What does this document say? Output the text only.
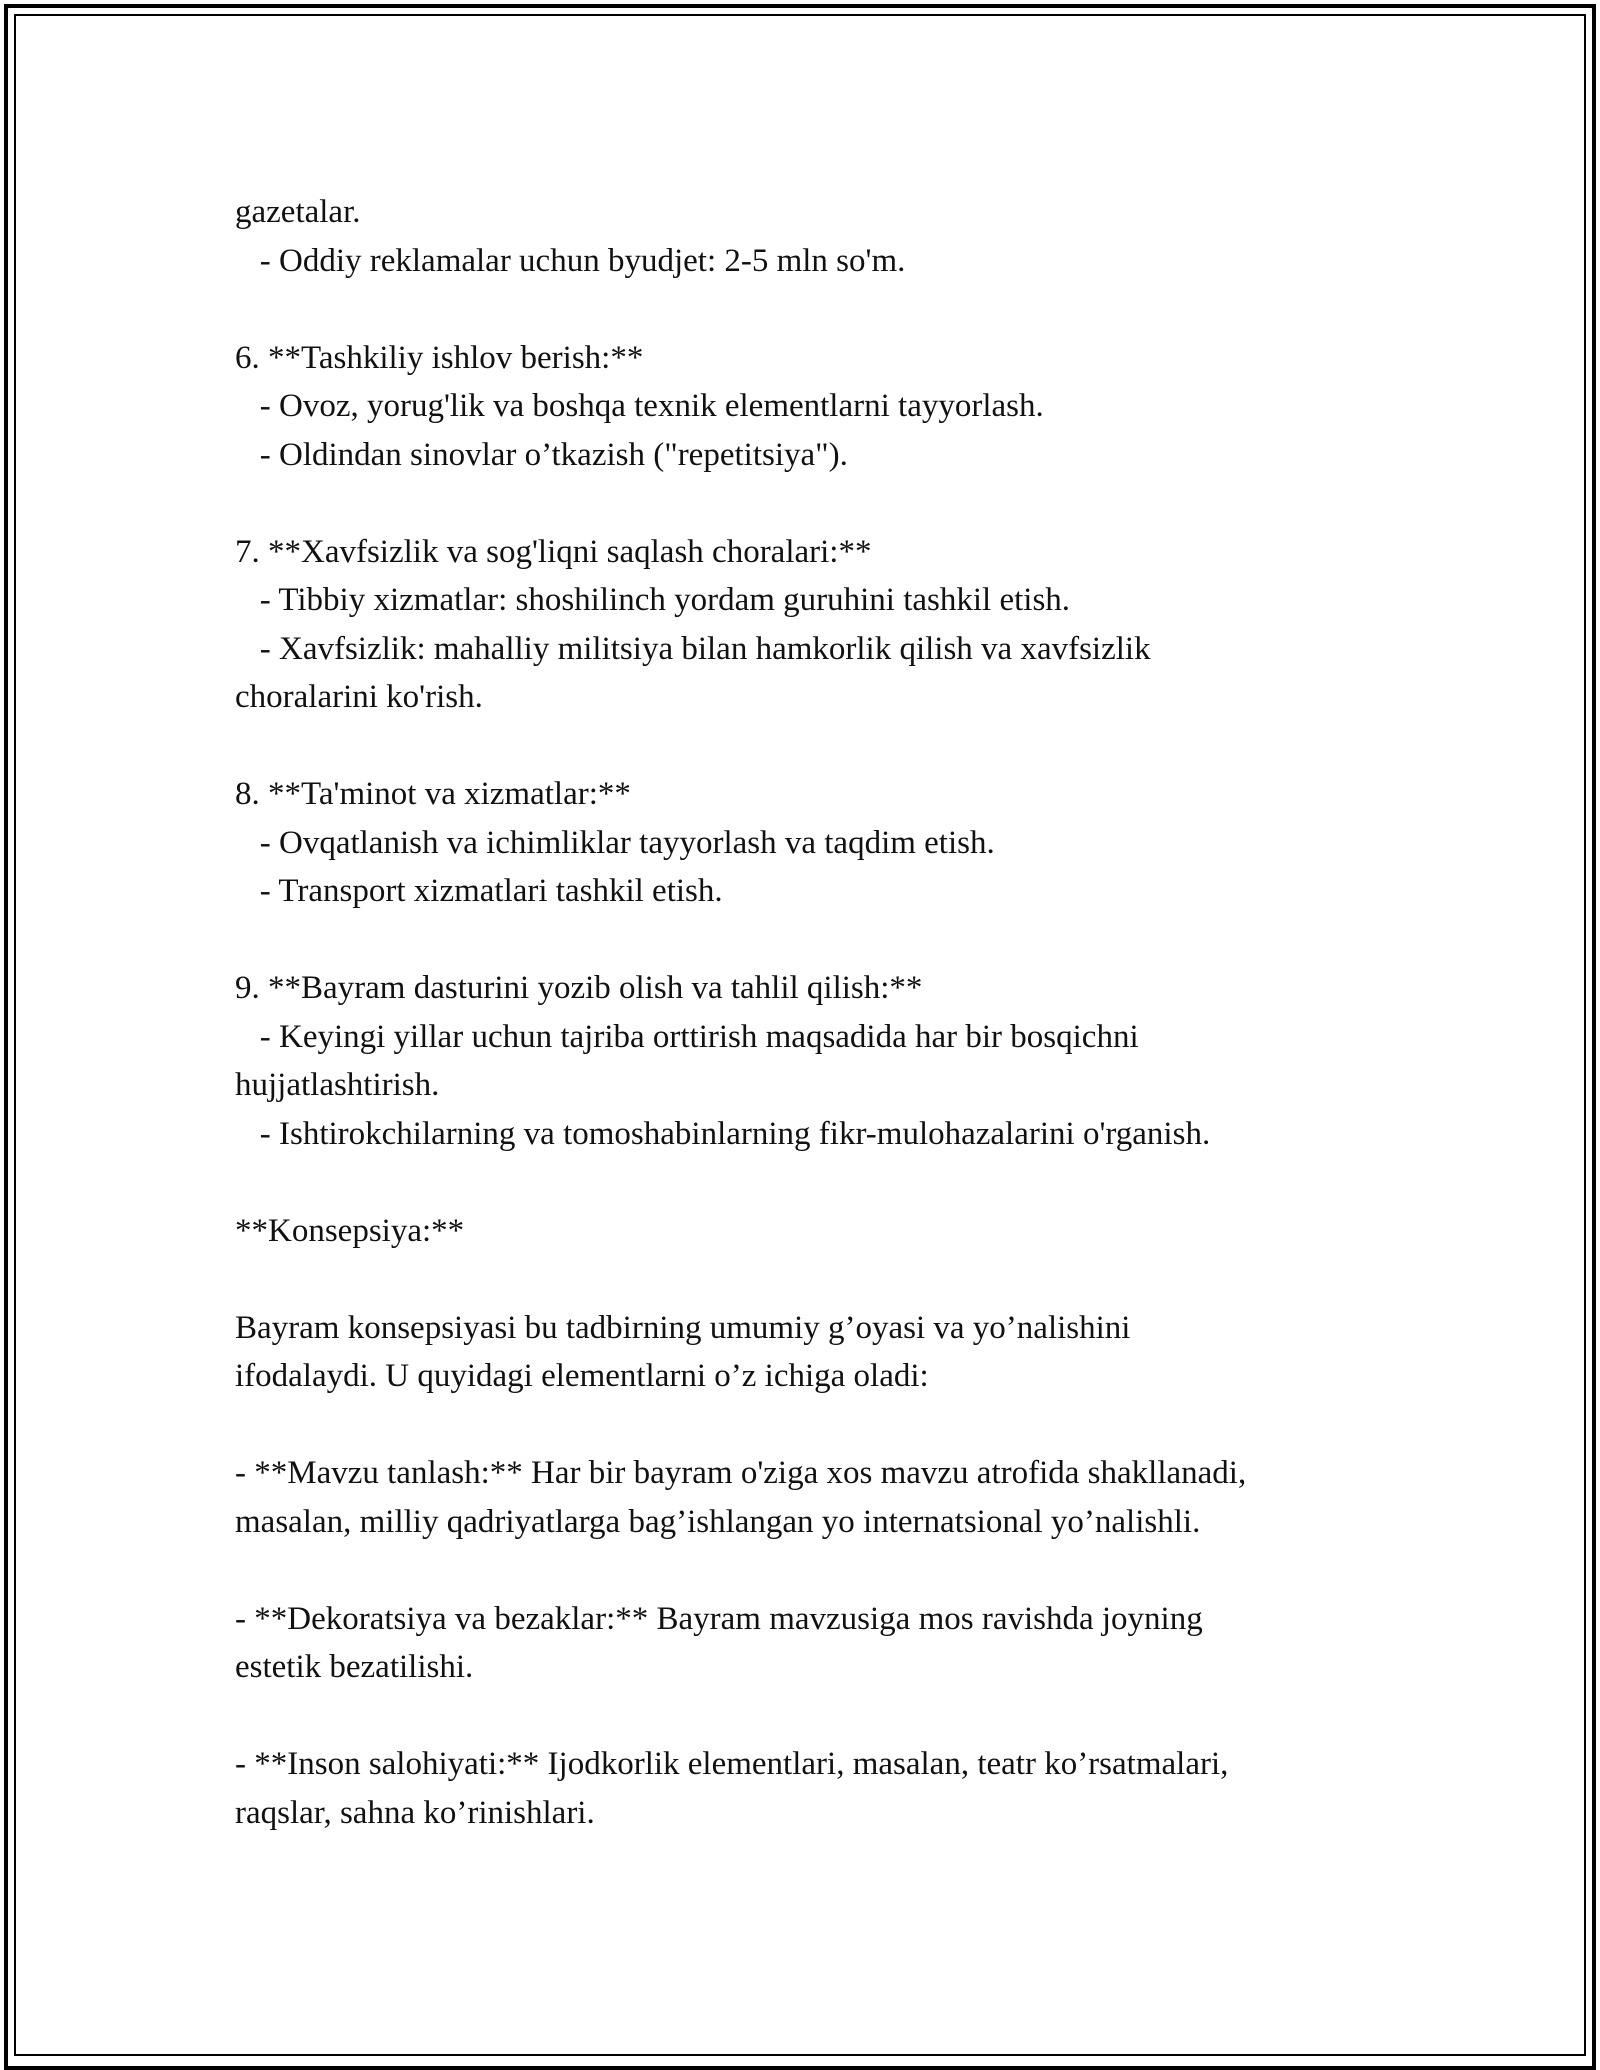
gazetalar.
- Oddiy reklamalar uchun byudjet: 2-5 mln so'm.
6. **Tashkiliy ishlov berish:**
- Ovoz, yorug'lik va boshqa texnik elementlarni tayyorlash.
- Oldindan sinovlar o’tkazish ("repetitsiya").
7. **Xavfsizlik va sog'liqni saqlash choralari:**
- Tibbiy xizmatlar: shoshilinch yordam guruhini tashkil etish.
- Xavfsizlik: mahalliy militsiya bilan hamkorlik qilish va xavfsizlik
choralarini ko'rish.
8. **Ta'minot va xizmatlar:**
- Ovqatlanish va ichimliklar tayyorlash va taqdim etish.
- Transport xizmatlari tashkil etish.
9. **Bayram dasturini yozib olish va tahlil qilish:**
- Keyingi yillar uchun tajriba orttirish maqsadida har bir bosqichni
hujjatlashtirish.
- Ishtirokchilarning va tomoshabinlarning fikr-mulohazalarini o'rganish.
**Konsepsiya:**
Bayram konsepsiyasi bu tadbirning umumiy g’oyasi va yo’nalishini
ifodalaydi. U quyidagi elementlarni o’z ichiga oladi:
- **Mavzu tanlash:** Har bir bayram o'ziga xos mavzu atrofida shakllanadi,
masalan, milliy qadriyatlarga bag’ishlangan yo internatsional yo’nalishli.
- **Dekoratsiya va bezaklar:** Bayram mavzusiga mos ravishda joyning
estetik bezatilishi.
- **Inson salohiyati:** Ijodkorlik elementlari, masalan, teatr ko’rsatmalari,
raqslar, sahna ko’rinishlari.
